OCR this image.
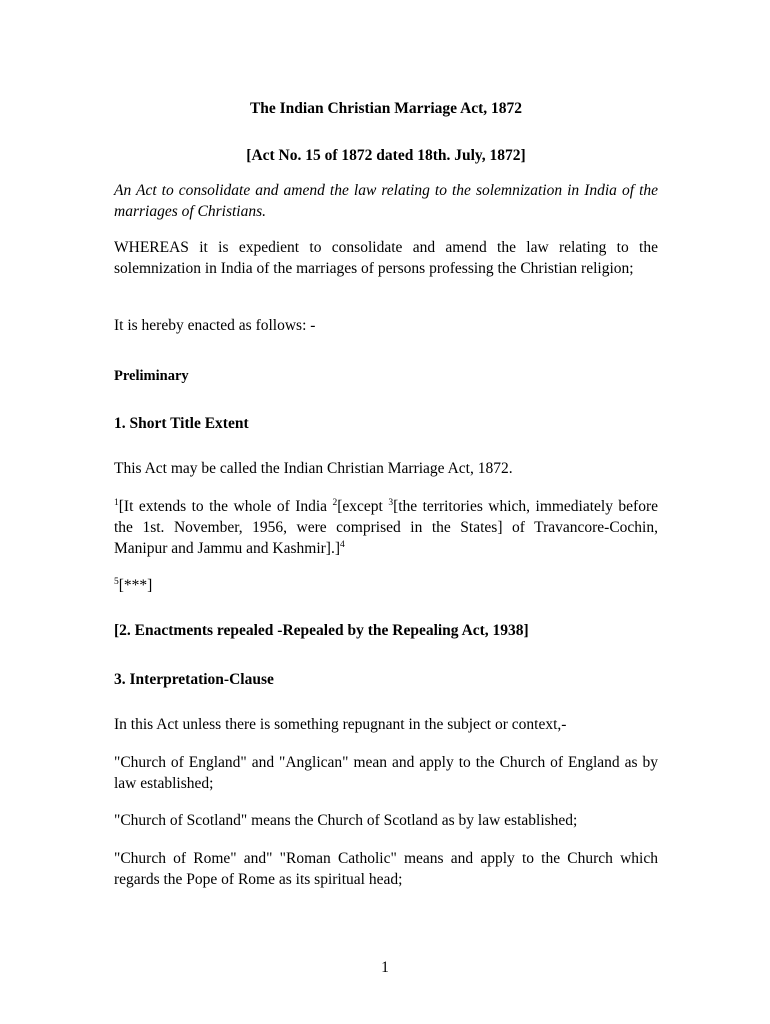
The Indian Christian Marriage Act, 1872

[Act No. 15 of 1872 dated 18th. July, 1872]

An Act to consolidate and amend the law relating to the solemnization in India of the marriages of Christians.

WHEREAS it is expedient to consolidate and amend the law relating to the solemnization in India of the marriages of persons professing the Christian religion;

It is hereby enacted as follows: -

Preliminary

1. Short Title Extent

This Act may be called the Indian Christian Marriage Act, 1872.

$^1$[It extends to the whole of India $^2$[except $^3$[the territories which, immediately before the 1st. November, 1956, were comprised in the States] of Travancore-Cochin, Manipur and Jammu and Kashmir].]$^4$

$^5$[***]

[2. Enactments repealed -Repealed by the Repealing Act, 1938]

3. Interpretation-Clause

In this Act unless there is something repugnant in the subject or context,-

"Church of England" and "Anglican" mean and apply to the Church of England as by law established;

"Church of Scotland" means the Church of Scotland as by law established;

"Church of Rome" and" "Roman Catholic" means and apply to the Church which regards the Pope of Rome as its spiritual head;

1
